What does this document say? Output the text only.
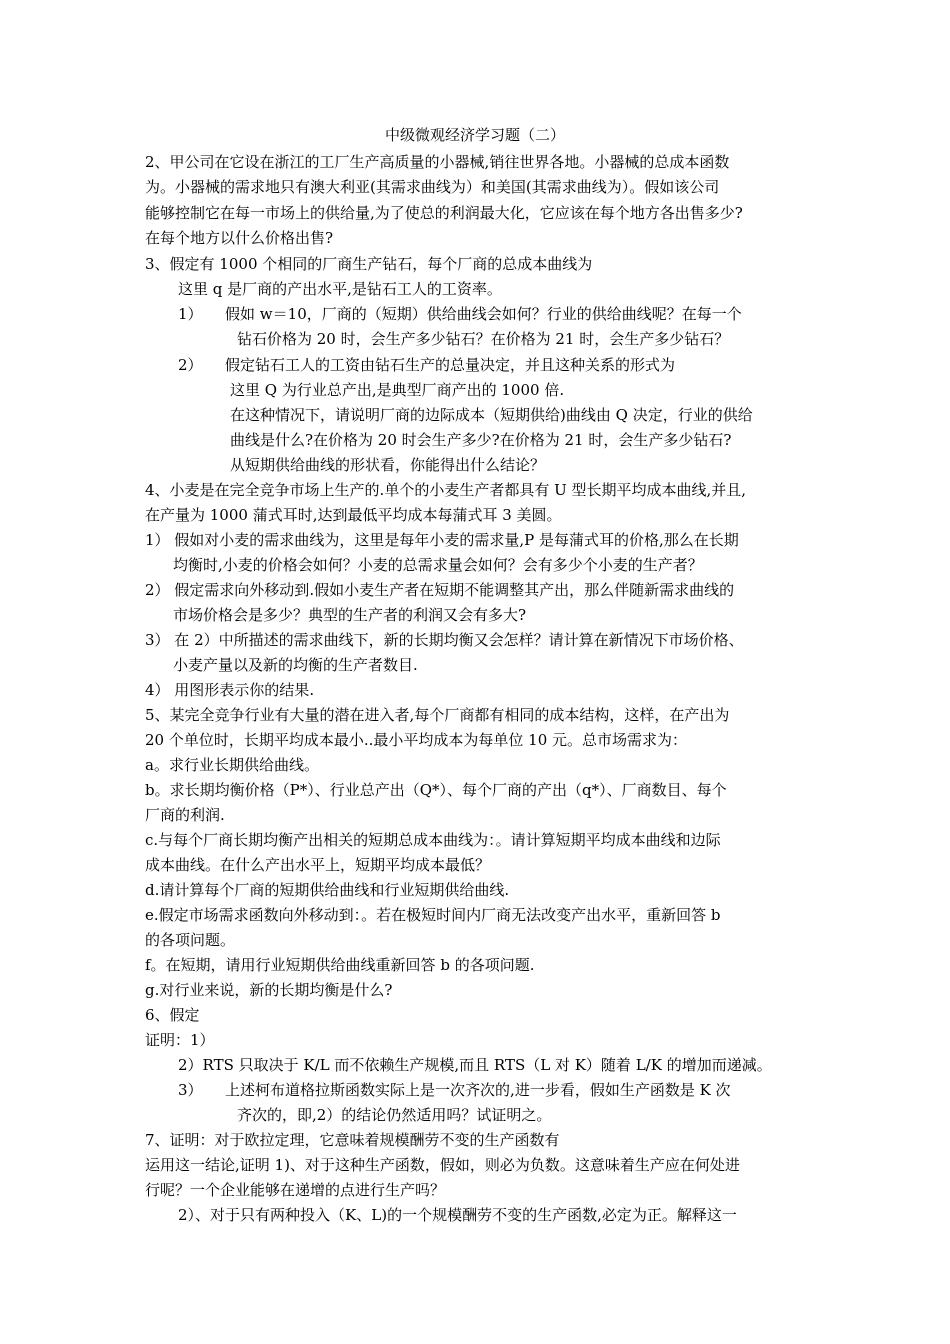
中级微观经济学习题（二）
2、甲公司在它设在浙江的工厂生产高质量的小器械,销往世界各地。小器械的总成本函数
为。小器械的需求地只有澳大利亚(其需求曲线为）和美国(其需求曲线为）。假如该公司
能够控制它在每一市场上的供给量,为了使总的利润最大化，它应该在每个地方各出售多少?
在每个地方以什么价格出售?
3、假定有 1000 个相同的厂商生产钻石，每个厂商的总成本曲线为
这里 q 是厂商的产出水平,是钻石工人的工资率。
1）　　假如 w＝10，厂商的（短期）供给曲线会如何？行业的供给曲线呢？在每一个
钻石价格为 20 时，会生产多少钻石？在价格为 21 时，会生产多少钻石？
2）　　假定钻石工人的工资由钻石生产的总量决定，并且这种关系的形式为
这里 Q 为行业总产出,是典型厂商产出的 1000 倍.
在这种情况下，请说明厂商的边际成本（短期供给)曲线由 Q 决定，行业的供给
曲线是什么?在价格为 20 时会生产多少?在价格为 21 时，会生产多少钻石?
从短期供给曲线的形状看，你能得出什么结论？
4、小麦是在完全竞争市场上生产的.单个的小麦生产者都具有 U 型长期平均成本曲线,并且,
在产量为 1000 蒲式耳时,达到最低平均成本每蒲式耳 3 美圆。
1） 假如对小麦的需求曲线为，这里是每年小麦的需求量,P 是每蒲式耳的价格,那么在长期
均衡时,小麦的价格会如何？小麦的总需求量会如何？会有多少个小麦的生产者？
2） 假定需求向外移动到.假如小麦生产者在短期不能调整其产出，那么伴随新需求曲线的
市场价格会是多少？典型的生产者的利润又会有多大?
3） 在 2）中所描述的需求曲线下，新的长期均衡又会怎样？请计算在新情况下市场价格、
小麦产量以及新的均衡的生产者数目.
4） 用图形表示你的结果.
5、某完全竞争行业有大量的潜在进入者,每个厂商都有相同的成本结构，这样，在产出为
20 个单位时，长期平均成本最小..最小平均成本为每单位 10 元。总市场需求为：
a。求行业长期供给曲线。
b。求长期均衡价格（P*）、行业总产出（Q*）、每个厂商的产出（q*）、厂商数目、每个
厂商的利润.
c.与每个厂商长期均衡产出相关的短期总成本曲线为：。请计算短期平均成本曲线和边际
成本曲线。在什么产出水平上，短期平均成本最低？
d.请计算每个厂商的短期供给曲线和行业短期供给曲线.
e.假定市场需求函数向外移动到：。若在极短时间内厂商无法改变产出水平，重新回答 b
的各项问题。
f。在短期，请用行业短期供给曲线重新回答 b 的各项问题.
g.对行业来说，新的长期均衡是什么?
6、假定
证明：1）
2）RTS 只取决于 K/L 而不依赖生产规模,而且 RTS（L 对 K）随着 L/K 的增加而递减。
3）　　上述柯布道格拉斯函数实际上是一次齐次的,进一步看，假如生产函数是 K 次
齐次的，即,2）的结论仍然适用吗？试证明之。
7、证明：对于欧拉定理，它意味着规模酬劳不变的生产函数有
运用这一结论,证明 1)、对于这种生产函数，假如，则必为负数。这意味着生产应在何处进
行呢？一个企业能够在递增的点进行生产吗？
2）、对于只有两种投入（K、L)的一个规模酬劳不变的生产函数,必定为正。解释这一
